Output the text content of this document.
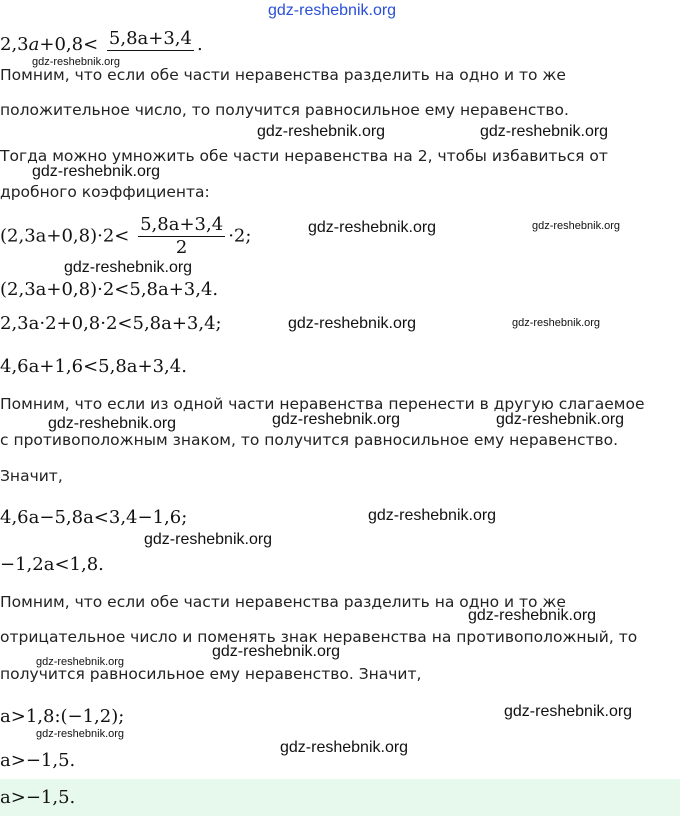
gdz-reshebnik.org
2,3a+0,8< 5,8a+3,4 .
Помним, что если обе части неравенства разделить на одно и то же
gdz-reshebnik.org
положительное число, то получится равносильное ему неравенство.
gdz-reshebnik.org	gdz-reshebnik.org
Тогда можно умножить обе части неравенства на 2, чтобы избавиться от
gdz-reshebnik.org
дробного коэффициента:
$(2,3a+0,8)\cdot 2< \frac{5,8a+3,4}{2} \cdot 2$;	gdz-reshebnik.org	gdz-reshebnik.org
gdz-reshebnik.org
(2,3a+0,8)·2<5,8a+3,4.
2,3a·2+0,8·2<5,8a+3,4;	gdz-reshebnik.org	gdz-reshebnik.org
4,6a+1,6<5,8a+3,4.
Помним, что если из одной части неравенства перенести в другую слагаемое
gdz-reshebnik.org	gdz-reshebnik.org	gdz-reshebnik.org
с противоположным знаком, то получится равносильное ему неравенство.
Значит,
4,6a−5,8a<3,4−1,6;	gdz-reshebnik.org
gdz-reshebnik.org
−1,2a<1,8.
Помним, что если обе части неравенства разделить на одно и то же
gdz-reshebnik.org
отрицательное число и поменять знак неравенства на противоположный, то
gdz-reshebnik.org
gdz-reshebnik.org
получится равносильное ему неравенство. Значит,
a>1,8:(−1,2);	gdz-reshebnik.org
gdz-reshebnik.org
gdz-reshebnik.org
a>−1,5.
a>−1,5.
